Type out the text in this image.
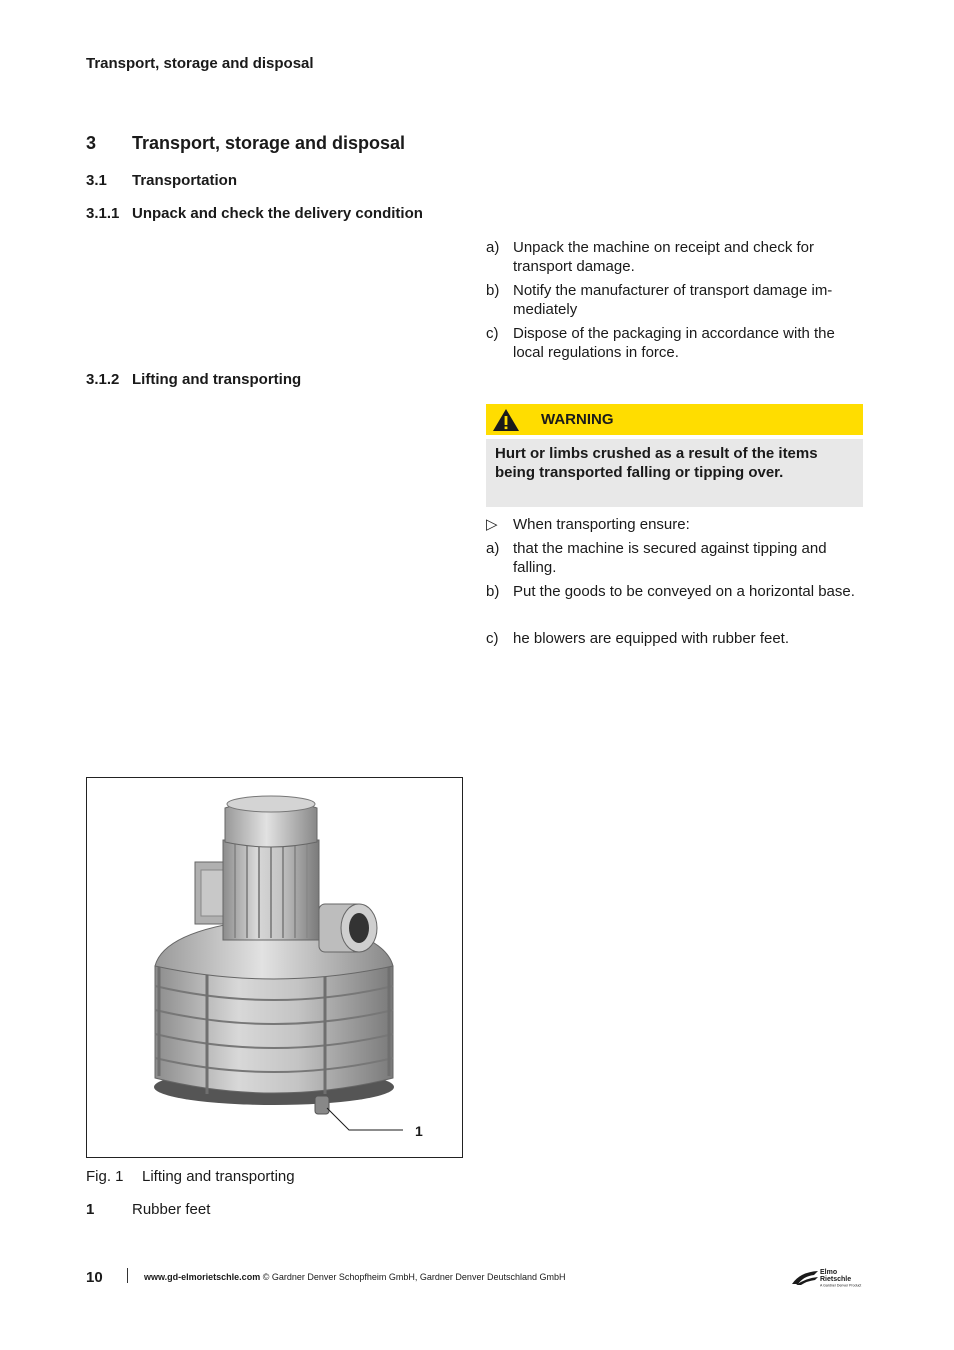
Transport, storage and disposal
3 Transport, storage and disposal
3.1 Transportation
3.1.1 Unpack and check the delivery condition
a) Unpack the machine on receipt and check for transport damage.
b) Notify the manufacturer of transport damage im-mediately
c) Dispose of the packaging in accordance with the local regulations in force.
3.1.2 Lifting and transporting
WARNING
Hurt or limbs crushed as a result of the items being transported falling or tipping over.
▷	When transporting ensure:
a) that the machine is secured against tipping and falling.
b) Put the goods to be conveyed on a horizontal base.
c) he blowers are equipped with rubber feet.
1
Fig. 1 Lifting and transporting
1	Rubber feet
10	www.gd-elmorietschle.com © Gardner Denver Schopfheim GmbH, Gardner Denver Deutschland GmbH	Elmo
Rietschle
A Gardner Denver Product
